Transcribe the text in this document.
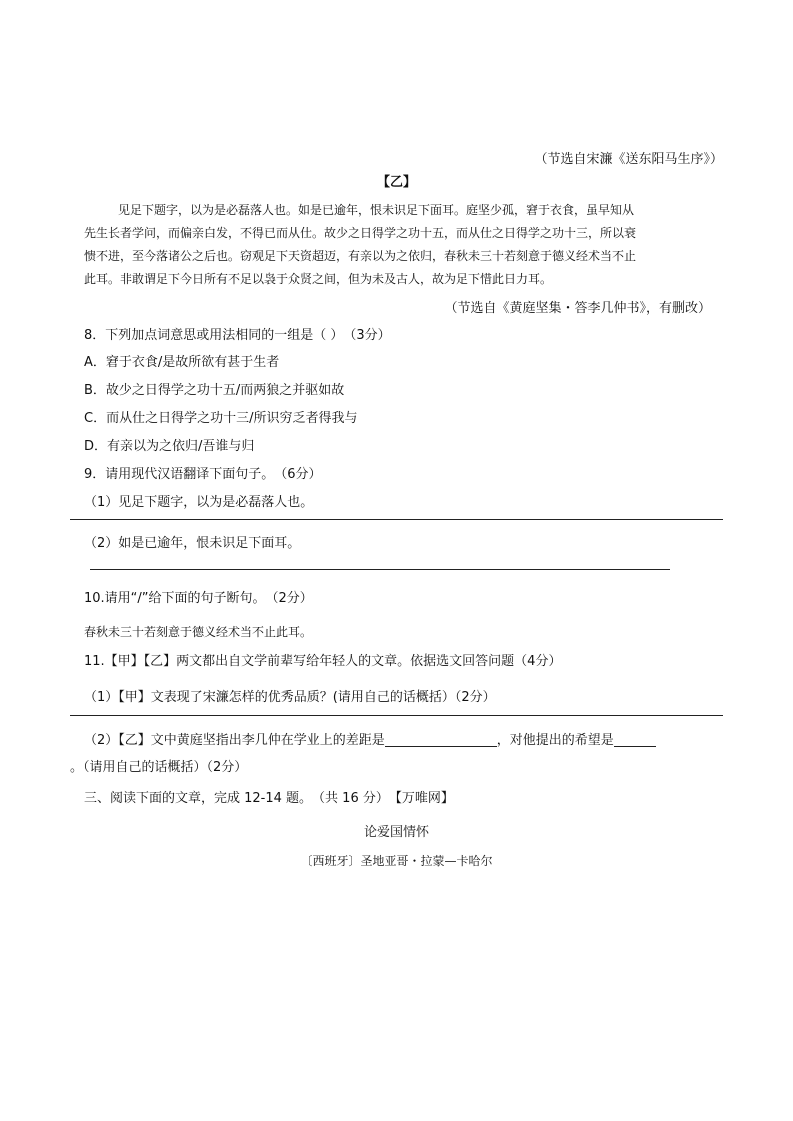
（节选自宋濂《送东阳马生序》）
【乙】
见足下题字，以为是必磊落人也。如是已逾年，恨未识足下面耳。庭坚少孤，窘于衣食，虽早知从
先生长者学问，而偏亲白发，不得已而从仕。故少之日得学之功十五，而从仕之日得学之功十三，所以衰
愦不进，至今落诸公之后也。窃观足下天资超迈，有亲以为之依归，春秋未三十若刻意于德义经术当不止
此耳。非敢谓足下今日所有不足以袅于众贤之间，但为未及古人，故为足下惜此日力耳。
（节选自《黄庭坚集・答李几仲书》，有删改）
8．下列加点词意思或用法相同的一组是（ ）　（3分）
A．窘于衣食/是故所欲有甚于生者
B．故少之日得学之功十五/而两狼之并驱如故
C．而从仕之日得学之功十三/所识穷乏者得我与
D．有亲以为之依归/吾谁与归
9．请用现代汉语翻译下面句子。　（6分）
（1）见足下题字，以为是必磊落人也。
（2）如是已逾年，恨未识足下面耳。
10.请用“/”给下面的句子断句。　（2分）
春秋未三十若刻意于德义经术当不止此耳。
11.【甲】【乙】两文都出自文学前辈写给年轻人的文章。依据选文回答问题（4分）
（1）【甲】文表现了宋濂怎样的优秀品质？(请用自己的话概括）（2分）
（2）【乙】文中黄庭坚指出李几仲在学业上的差距是	，对他提出的希望是
。（请用自己的话概括）（2分）
三、阅读下面的文章，完成 12-14 题。　（共 16 分）　【万唯网】
论爱国情怀
〔西班牙〕圣地亚哥・拉蒙—卡哈尔
